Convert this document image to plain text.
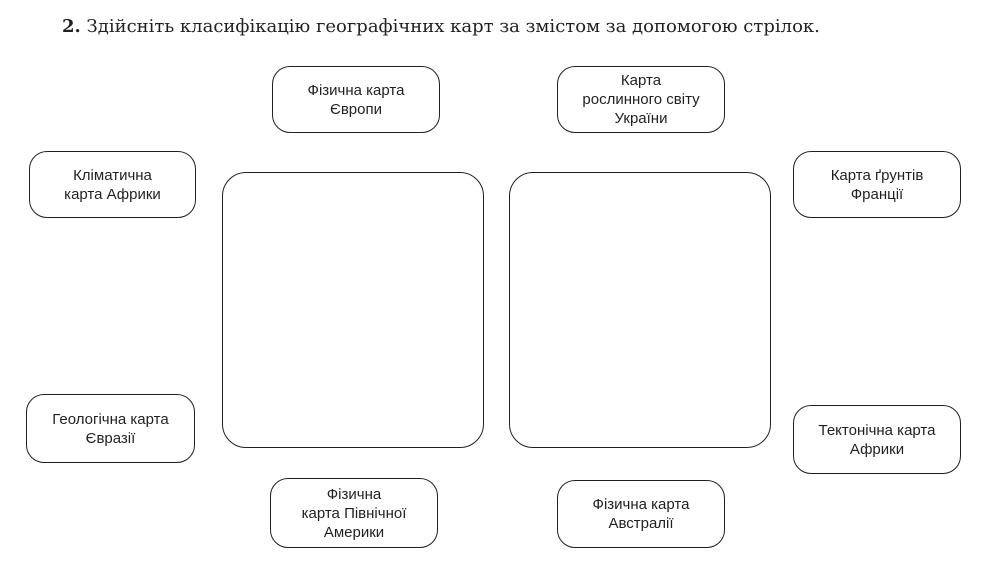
2. Здійсніть класифікацію географічних карт за змістом за допомогою стрілок.
Фізична карта
Європи
Карта
рослинного світу
України
Кліматична
карта Африки
Карта ґрунтів
Франції
Геологічна карта
Євразії	Тектонічна карта
Африки
Фізична
карта Північної
Америки
Фізична карта
Австралії
